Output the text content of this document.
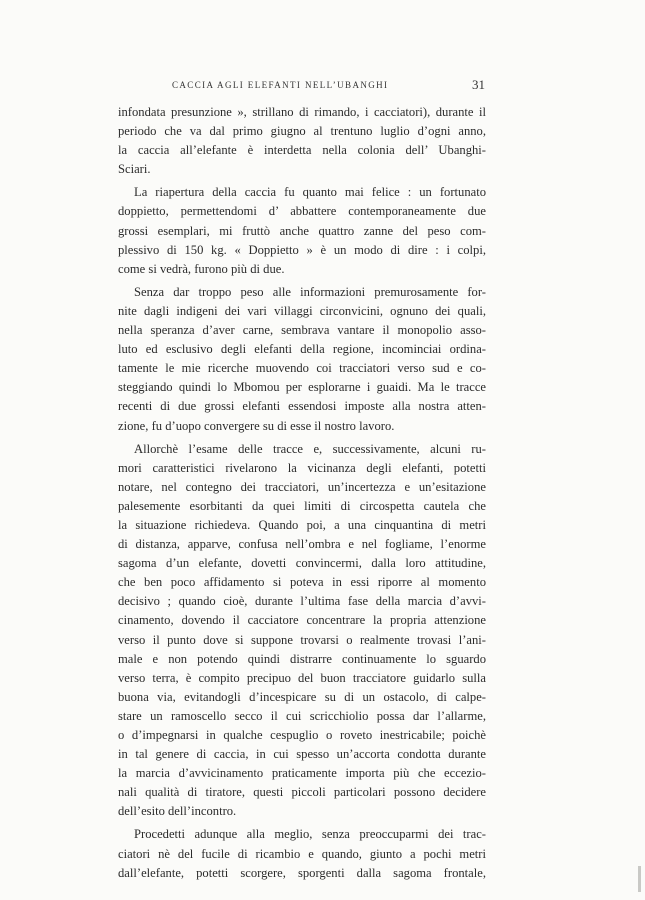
CACCIA AGLI ELEFANTI NELL’UBANGHI	31
infondata presunzione », strillano di rimando, i cacciatori), durante il
periodo che va dal primo giugno al trentuno luglio d’ogni anno,
la caccia all’elefante è interdetta nella colonia dell’ Ubanghi-
Sciari.
La riapertura della caccia fu quanto mai felice : un fortunato
doppietto, permettendomi d’ abbattere contemporaneamente due
grossi esemplari, mi fruttò anche quattro zanne del peso com-
plessivo di 150 kg. « Doppietto » è un modo di dire : i colpi,
come si vedrà, furono più di due.
Senza dar troppo peso alle informazioni premurosamente for-
nite dagli indigeni dei vari villaggi circonvicini, ognuno dei quali,
nella speranza d’aver carne, sembrava vantare il monopolio asso-
luto ed esclusivo degli elefanti della regione, incominciai ordina-
tamente le mie ricerche muovendo coi tracciatori verso sud e co-
steggiando quindi lo Mbomou per esplorarne i guaidi. Ma le tracce
recenti di due grossi elefanti essendosi imposte alla nostra atten-
zione, fu d’uopo convergere su di esse il nostro lavoro.
Allorchè l’esame delle tracce e, successivamente, alcuni ru-
mori caratteristici rivelarono la vicinanza degli elefanti, potetti
notare, nel contegno dei tracciatori, un’incertezza e un’esitazione
palesemente esorbitanti da quei limiti di circospetta cautela che
la situazione richiedeva. Quando poi, a una cinquantina di metri
di distanza, apparve, confusa nell’ombra e nel fogliame, l’enorme
sagoma d’un elefante, dovetti convincermi, dalla loro attitudine,
che ben poco affidamento si poteva in essi riporre al momento
decisivo ; quando cioè, durante l’ultima fase della marcia d’avvi-
cinamento, dovendo il cacciatore concentrare la propria attenzione
verso il punto dove si suppone trovarsi o realmente trovasi l’ani-
male e non potendo quindi distrarre continuamente lo sguardo
verso terra, è compito precipuo del buon tracciatore guidarlo sulla
buona via, evitandogli d’incespicare su di un ostacolo, di calpe-
stare un ramoscello secco il cui scricchiolio possa dar l’allarme,
o d’impegnarsi in qualche cespuglio o roveto inestricabile; poichè
in tal genere di caccia, in cui spesso un’accorta condotta durante
la marcia d’avvicinamento praticamente importa più che eccezio-
nali qualità di tiratore, questi piccoli particolari possono decidere
dell’esito dell’incontro.
Procedetti adunque alla meglio, senza preoccuparmi dei trac-
ciatori nè del fucile di ricambio e quando, giunto a pochi metri
dall’elefante, potetti scorgere, sporgenti dalla sagoma frontale,
